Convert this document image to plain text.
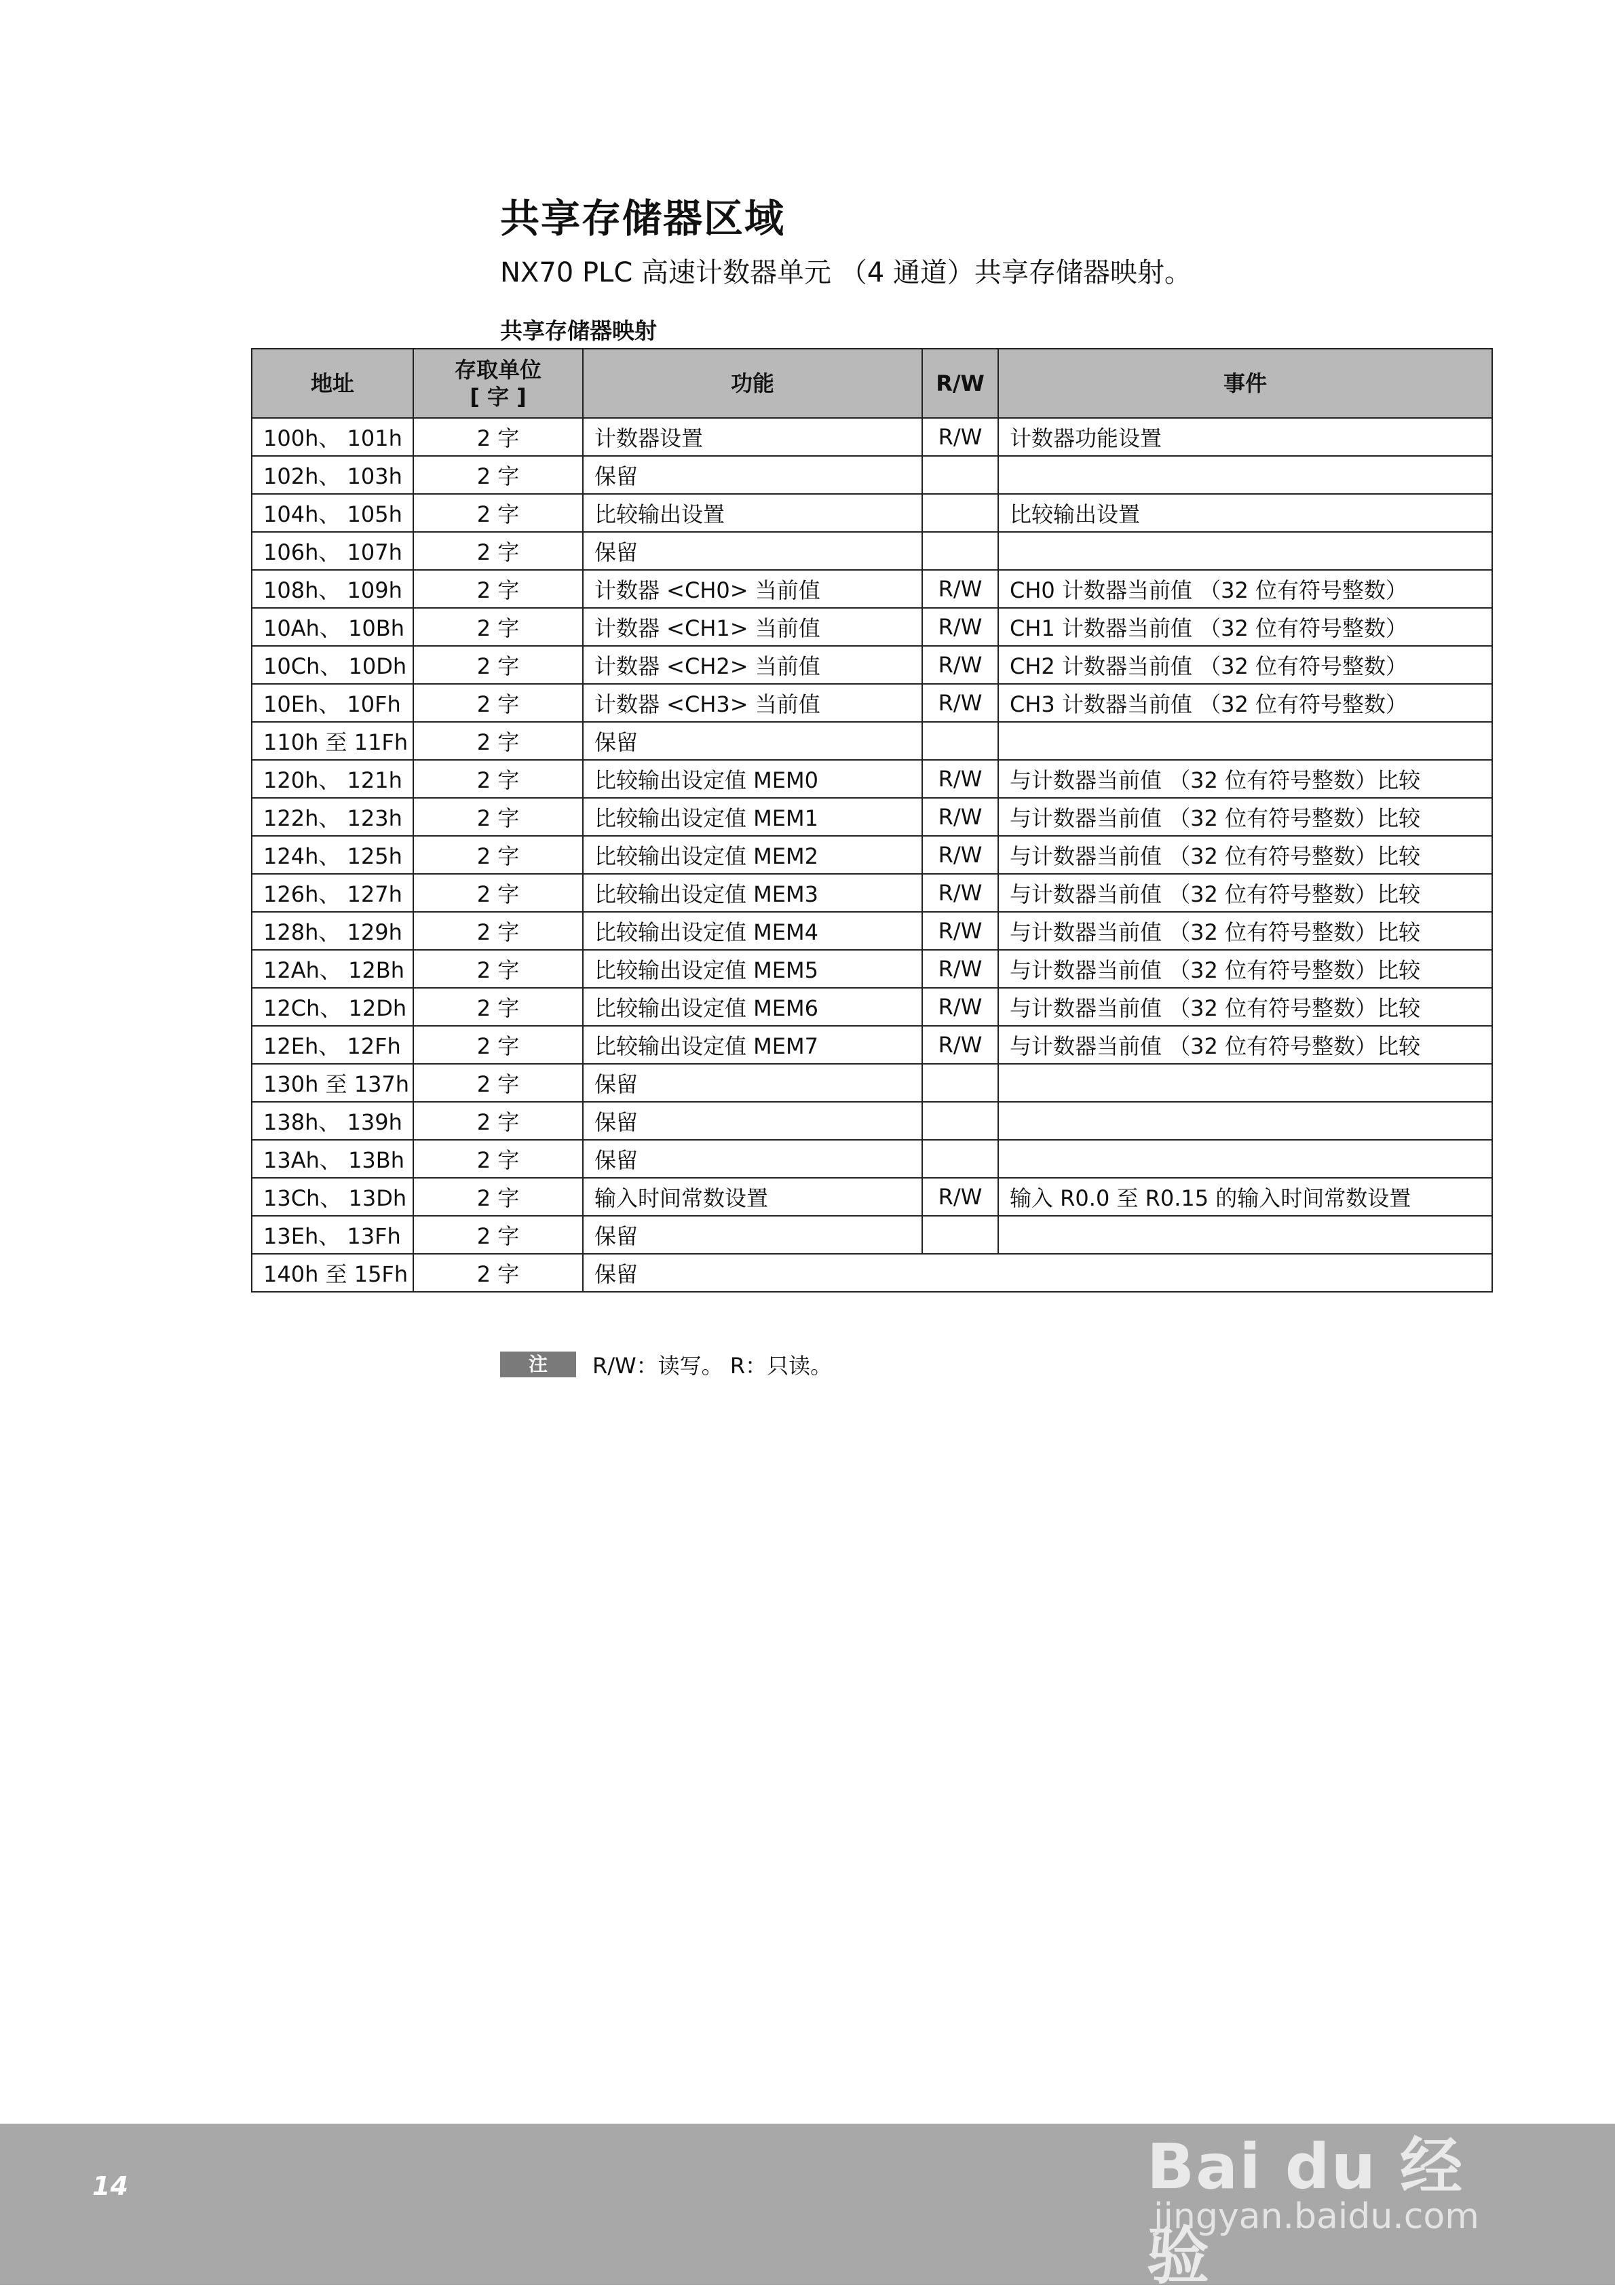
共享存储器区域
NX70 PLC 高速计数器单元 （4 通道）共享存储器映射。
共享存储器映射
地址	存取单位
[ 字 ]	功能	R/W	事件
100h、 101h	2 字	计数器设置	R/W	计数器功能设置
102h、 103h	2 字	保留		
104h、 105h	2 字	比较输出设置		比较输出设置
106h、 107h	2 字	保留		
108h、 109h	2 字	计数器 <CH0> 当前值	R/W	CH0 计数器当前值 （32 位有符号整数）
10Ah、 10Bh	2 字	计数器 <CH1> 当前值	R/W	CH1 计数器当前值 （32 位有符号整数）
10Ch、 10Dh	2 字	计数器 <CH2> 当前值	R/W	CH2 计数器当前值 （32 位有符号整数）
10Eh、 10Fh	2 字	计数器 <CH3> 当前值	R/W	CH3 计数器当前值 （32 位有符号整数）
110h 至 11Fh	2 字	保留		
120h、 121h	2 字	比较输出设定值 MEM0	R/W	与计数器当前值 （32 位有符号整数）比较
122h、 123h	2 字	比较输出设定值 MEM1	R/W	与计数器当前值 （32 位有符号整数）比较
124h、 125h	2 字	比较输出设定值 MEM2	R/W	与计数器当前值 （32 位有符号整数）比较
126h、 127h	2 字	比较输出设定值 MEM3	R/W	与计数器当前值 （32 位有符号整数）比较
128h、 129h	2 字	比较输出设定值 MEM4	R/W	与计数器当前值 （32 位有符号整数）比较
12Ah、 12Bh	2 字	比较输出设定值 MEM5	R/W	与计数器当前值 （32 位有符号整数）比较
12Ch、 12Dh	2 字	比较输出设定值 MEM6	R/W	与计数器当前值 （32 位有符号整数）比较
12Eh、 12Fh	2 字	比较输出设定值 MEM7	R/W	与计数器当前值 （32 位有符号整数）比较
130h 至 137h	2 字	保留		
138h、 139h	2 字	保留		
13Ah、 13Bh	2 字	保留		
13Ch、 13Dh	2 字	输入时间常数设置	R/W	输入 R0.0 至 R0.15 的输入时间常数设置
13Eh、 13Fh	2 字	保留		
140h 至 15Fh	2 字	保留		
注	R/W：读写。 R：只读。
14	Bai du 经验
jingyan.baidu.com
